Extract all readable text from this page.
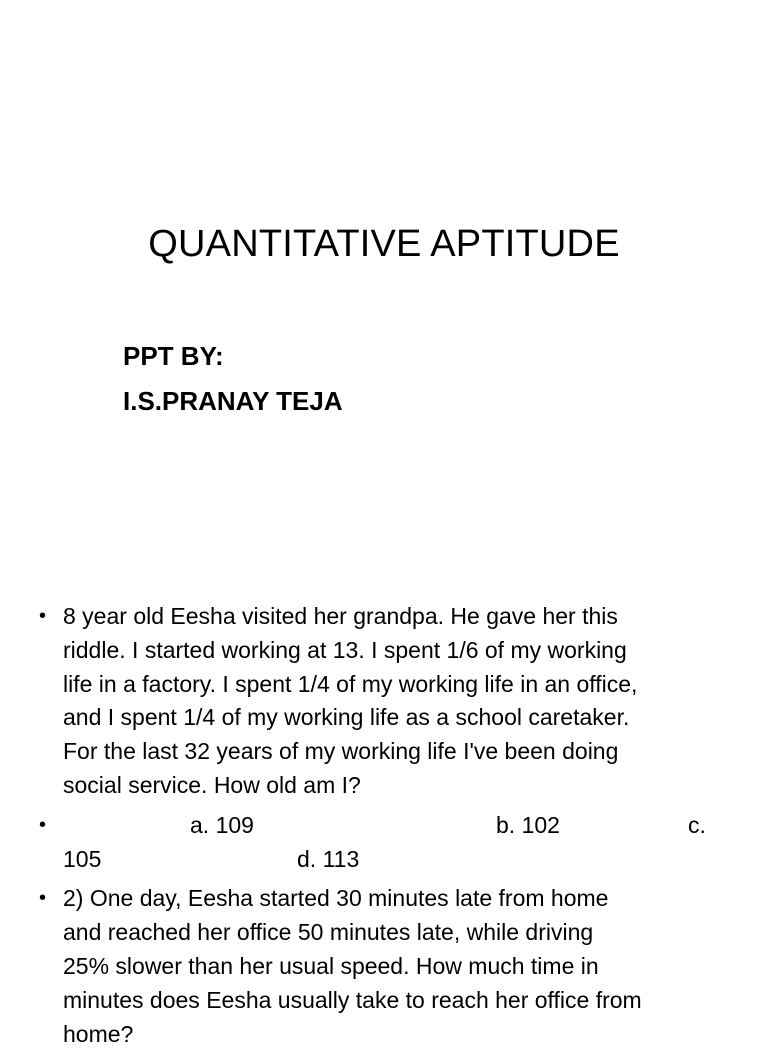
QUANTITATIVE APTITUDE
PPT BY:
I.S.PRANAY TEJA
• 8 year old Eesha visited her grandpa. He gave her this
riddle. I started working at 13. I spent 1/6 of my working
life in a factory. I spent 1/4 of my working life in an office,
and I spent 1/4 of my working life as a school caretaker.
For the last 32 years of my working life I've been doing
social service. How old am I?
•	a. 109	b. 102	c.
105	d. 113
• 2) One day, Eesha started 30 minutes late from home
and reached her office 50 minutes late, while driving
25% slower than her usual speed. How much time in
minutes does Eesha usually take to reach her office from
home?
